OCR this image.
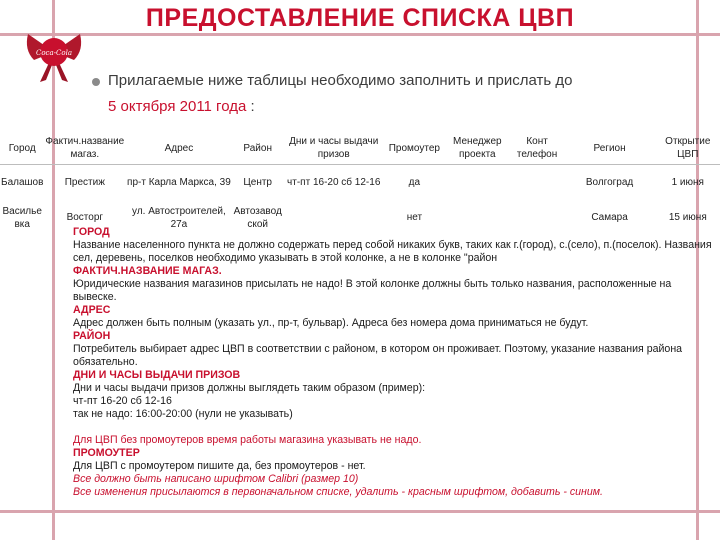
Coca-Cola
ПРЕДОСТАВЛЕНИЕ СПИСКА ЦВП
Прилагаемые ниже таблицы необходимо заполнить и прислать до
5 октября 2011 года :
Город	Фактич.название магаз.	Адрес	Район	Дни и часы выдачи призов	Промоутер	Менеджер проекта	Конт телефон	Регион	Открытие ЦВП
Балашов	Престиж	пр-т Карла Маркса, 39	Центр	чт-пт 16-20 сб 12-16	да			Волгоград	1 июня
Василье вка	Восторг	ул. Автостроителей, 27а	Автозавод ской		нет			Самара	15 июня
ГОРОД
Название населенного пункта не должно содержать перед собой никаких букв, таких как г.(город), с.(село), п.(поселок). Названия сел, деревень, поселков необходимо указывать в этой колонке, а не в колонке "район
ФАКТИЧ.НАЗВАНИЕ МАГАЗ.
Юридические названия магазинов присылать не надо! В этой колонке должны быть только названия, расположенные на вывеске.
АДРЕС
Адрес должен быть полным (указать ул., пр-т, бульвар). Адреса без номера дома приниматься не будут.
РАЙОН
Потребитель выбирает адрес ЦВП в соответствии с районом, в котором он проживает. Поэтому, указание названия района обязательно.
ДНИ И ЧАСЫ ВЫДАЧИ ПРИЗОВ
Дни и часы выдачи призов должны выглядеть таким образом (пример):
чт-пт 16-20 сб 12-16
так не надо: 16:00-20:00 (нули не указывать)
Для ЦВП без промоутеров время работы магазина указывать не надо.
ПРОМОУТЕР
Для ЦВП с промоутером пишите да, без промоутеров - нет.
Все должно быть написано шрифтом Calibri (размер 10)
Все изменения присылаются в первоначальном списке, удалить - красным шрифтом, добавить - синим.
